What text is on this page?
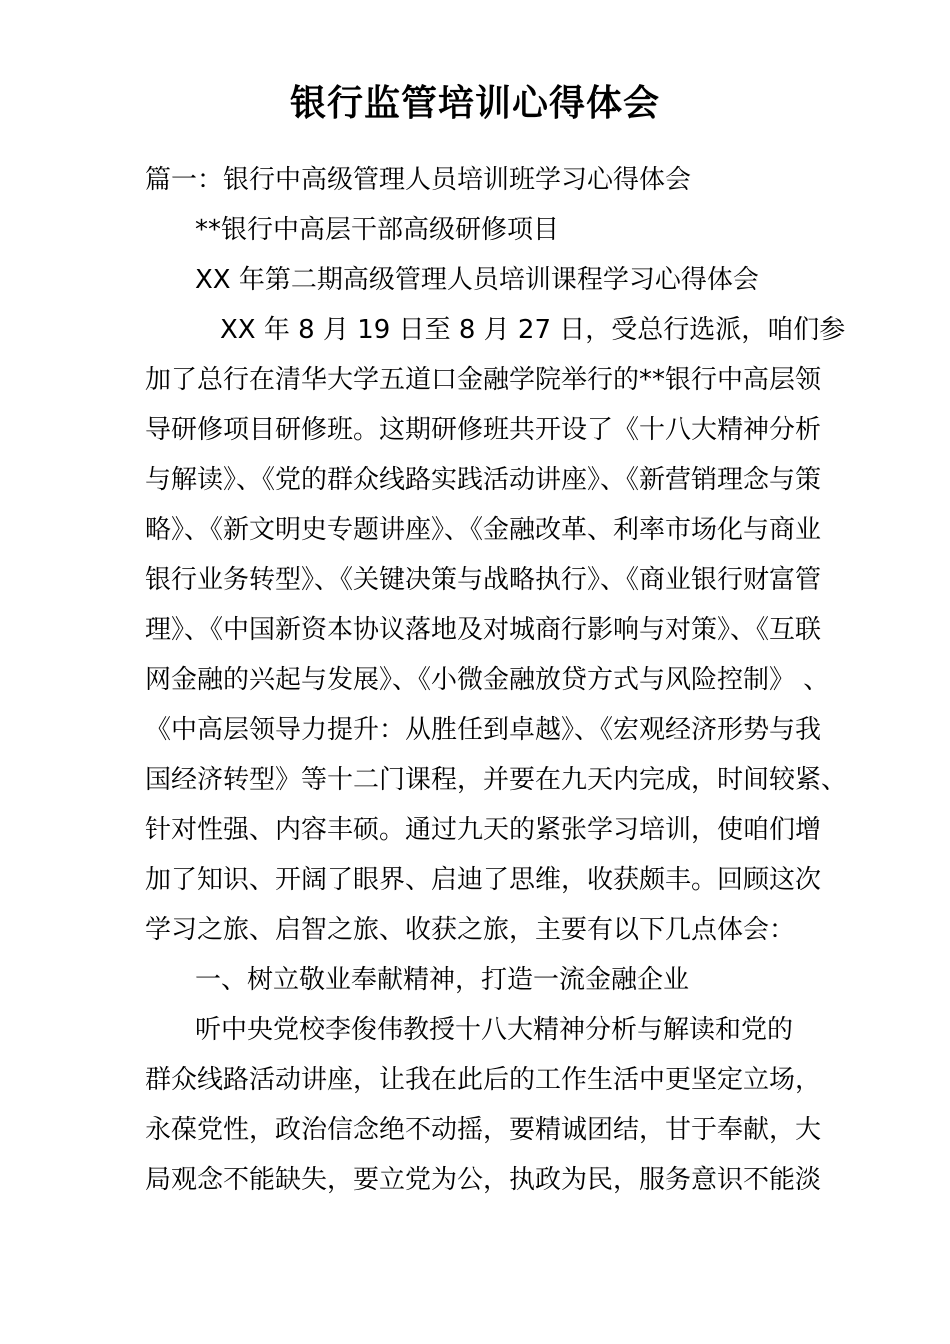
银行监管培训心得体会
篇一：银行中高级管理人员培训班学习心得体会
**银行中高层干部高级研修项目
XX 年第二期高级管理人员培训课程学习心得体会
XX 年 8 月 19 日至 8 月 27 日，受总行选派，咱们参
加了总行在清华大学五道口金融学院举行的**银行中高层领
导研修项目研修班。这期研修班共开设了《十八大精神分析
与解读》、《党的群众线路实践活动讲座》、《新营销理念与策
略》、《新文明史专题讲座》、《金融改革、利率市场化与商业
银行业务转型》、《关键决策与战略执行》、《商业银行财富管
理》、《中国新资本协议落地及对城商行影响与对策》、《互联
网金融的兴起与发展》、《小微金融放贷方式与风险控制》 、
《中高层领导力提升：从胜任到卓越》、《宏观经济形势与我
国经济转型》等十二门课程，并要在九天内完成，时间较紧、
针对性强、内容丰硕。通过九天的紧张学习培训，使咱们增
加了知识、开阔了眼界、启迪了思维，收获颇丰。回顾这次
学习之旅、启智之旅、收获之旅，主要有以下几点体会：
一、树立敬业奉献精神，打造一流金融企业
听中央党校李俊伟教授十八大精神分析与解读和党的
群众线路活动讲座，让我在此后的工作生活中更坚定立场，
永葆党性，政治信念绝不动摇，要精诚团结，甘于奉献，大
局观念不能缺失，要立党为公，执政为民，服务意识不能淡
